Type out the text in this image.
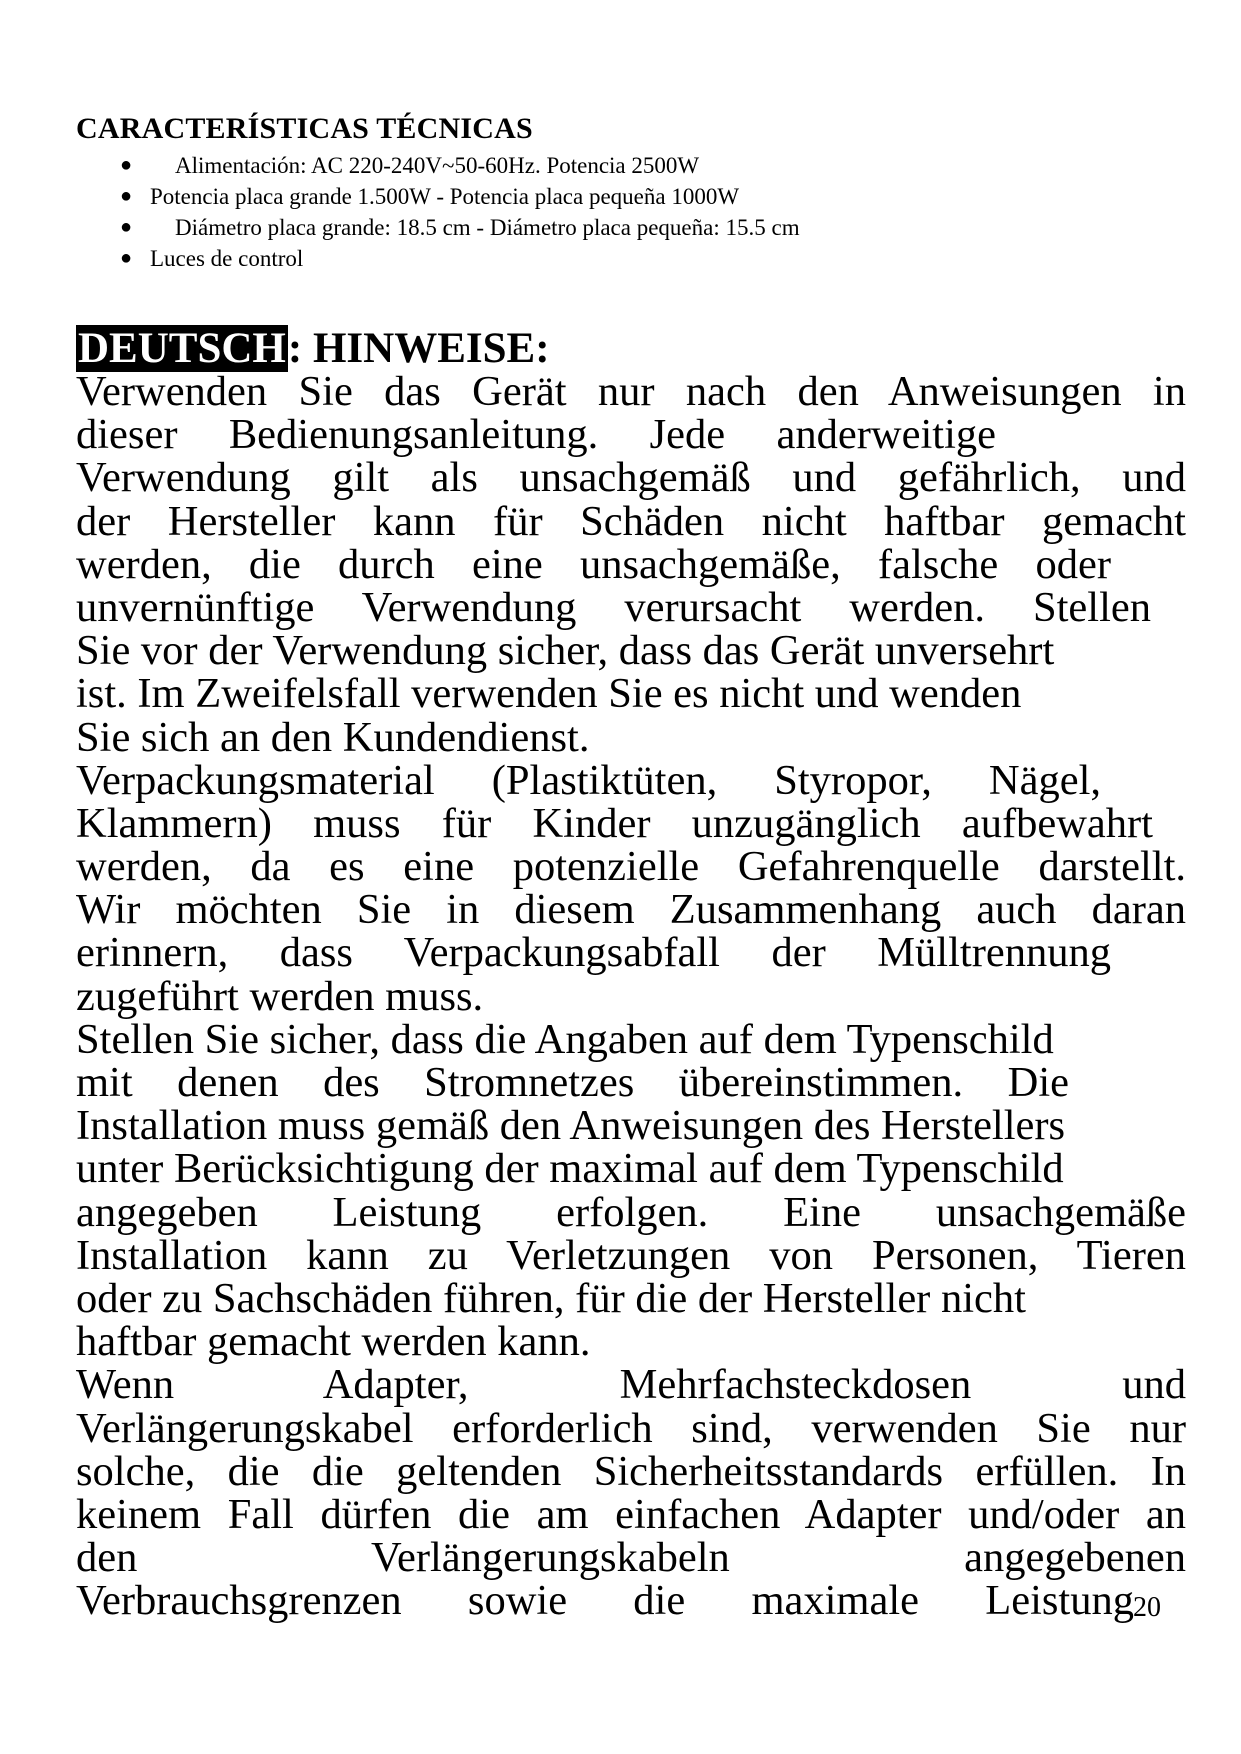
CARACTERÍSTICAS TÉCNICAS
● Alimentación: AC 220-240V~50-60Hz. Potencia 2500W
● Potencia placa grande 1.500W - Potencia placa pequeña 1000W
● Diámetro placa grande: 18.5 cm - Diámetro placa pequeña: 15.5 cm
● Luces de control
DEUTSCH: HINWEISE:
Verwenden Sie das Gerät nur nach den Anweisungen in
dieser Bedienungsanleitung. Jede anderweitige
Verwendung gilt als unsachgemäß und gefährlich, und
der Hersteller kann für Schäden nicht haftbar gemacht
werden, die durch eine unsachgemäße, falsche oder
unvernünftige Verwendung verursacht werden. Stellen
Sie vor der Verwendung sicher, dass das Gerät unversehrt
ist. Im Zweifelsfall verwenden Sie es nicht und wenden
Sie sich an den Kundendienst.
Verpackungsmaterial (Plastiktüten, Styropor, Nägel,
Klammern) muss für Kinder unzugänglich aufbewahrt
werden, da es eine potenzielle Gefahrenquelle darstellt.
Wir möchten Sie in diesem Zusammenhang auch daran
erinnern, dass Verpackungsabfall der Mülltrennung
zugeführt werden muss.
Stellen Sie sicher, dass die Angaben auf dem Typenschild
mit denen des Stromnetzes übereinstimmen. Die
Installation muss gemäß den Anweisungen des Herstellers
unter Berücksichtigung der maximal auf dem Typenschild
angegeben Leistung erfolgen. Eine unsachgemäße
Installation kann zu Verletzungen von Personen, Tieren
oder zu Sachschäden führen, für die der Hersteller nicht
haftbar gemacht werden kann.
Wenn Adapter, Mehrfachsteckdosen und
Verlängerungskabel erforderlich sind, verwenden Sie nur
solche, die die geltenden Sicherheitsstandards erfüllen. In
keinem Fall dürfen die am einfachen Adapter und/oder an
den Verlängerungskabeln angegebenen
Verbrauchsgrenzen sowie die maximale Leistung 20
